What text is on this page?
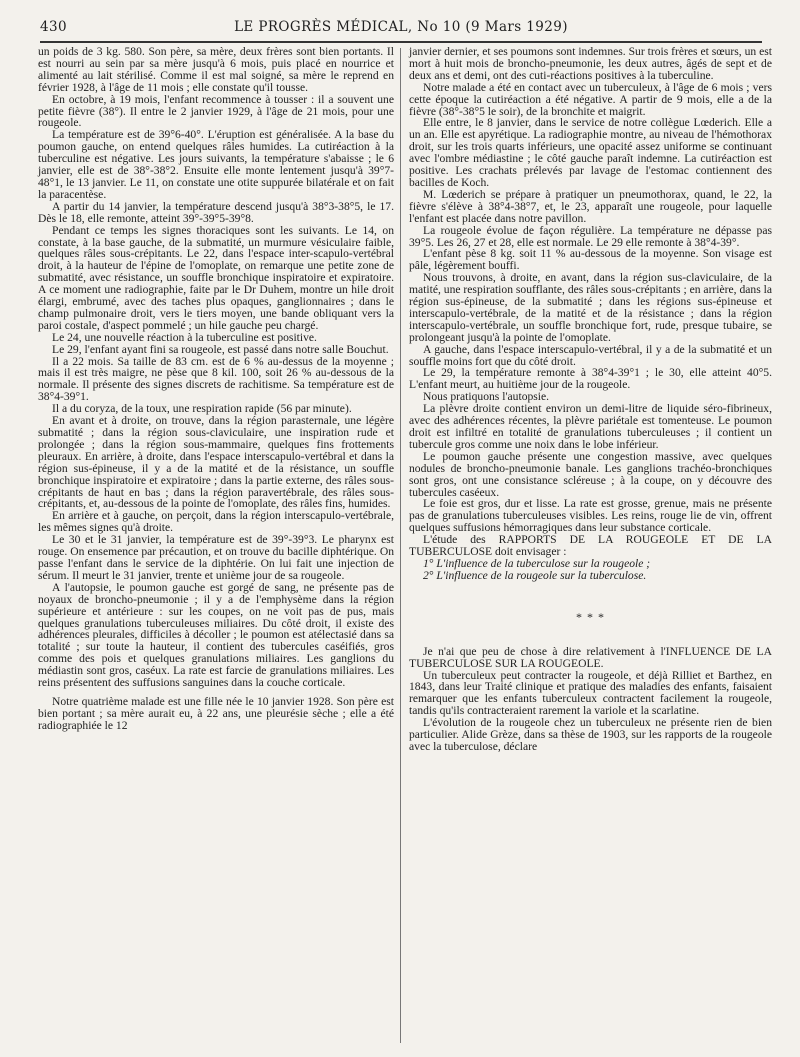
430	LE PROGRÈS MÉDICAL, No 10 (9 Mars 1929)

un poids de 3 kg. 580. Son père, sa mère, deux frères sont bien portants. Il est nourri au sein par sa mère jusqu'à 6 mois, puis placé en nourrice et alimenté au lait stérilisé. Comme il est mal soigné, sa mère le reprend en février 1928, à l'âge de 11 mois ; elle constate qu'il tousse.

En octobre, à 19 mois, l'enfant recommence à tousser : il a souvent une petite fièvre (38°). Il entre le 2 janvier 1929, à l'âge de 21 mois, pour une rougeole.

La température est de 39°6-40°. L'éruption est généralisée. A la base du poumon gauche, on entend quelques râles humides. La cutiréaction à la tuberculine est négative. Les jours suivants, la température s'abaisse ; le 6 janvier, elle est de 38°-38°2. Ensuite elle monte lentement jusqu'à 39°7-48°1, le 13 janvier. Le 11, on constate une otite suppurée bilatérale et on fait la paracentèse.

A partir du 14 janvier, la température descend jusqu'à 38°3-38°5, le 17. Dès le 18, elle remonte, atteint 39°-39°5-39°8.

Pendant ce temps les signes thoraciques sont les suivants. Le 14, on constate, à la base gauche, de la submatité, un murmure vésiculaire faible, quelques râles sous-crépitants. Le 22, dans l'espace inter-scapulo-vertébral droit, à la hauteur de l'épine de l'omoplate, on remarque une petite zone de submatité, avec résistance, un souffle bronchique inspiratoire et expiratoire. A ce moment une radiographie, faite par le Dr Duhem, montre un hile droit élargi, embrumé, avec des taches plus opaques, ganglionnaires ; dans le champ pulmonaire droit, vers le tiers moyen, une bande obliquant vers la paroi costale, d'aspect pommelé ; un hile gauche peu chargé.

Le 24, une nouvelle réaction à la tuberculine est positive.

Le 29, l'enfant ayant fini sa rougeole, est passé dans notre salle Bouchut.

Il a 22 mois. Sa taille de 83 cm. est de 6 % au-dessus de la moyenne ; mais il est très maigre, ne pèse que 8 kil. 100, soit 26 % au-dessous de la normale. Il présente des signes discrets de rachitisme. Sa température est de 38°4-39°1.

Il a du coryza, de la toux, une respiration rapide (56 par minute).

En avant et à droite, on trouve, dans la région parasternale, une légère submatité ; dans la région sous-claviculaire, une inspiration rude et prolongée ; dans la région sous-mammaire, quelques fins frottements pleuraux. En arrière, à droite, dans l'espace interscapulo-vertébral et dans la région sus-épineuse, il y a de la matité et de la résistance, un souffle bronchique inspiratoire et expiratoire ; dans la partie externe, des râles sous-crépitants de haut en bas ; dans la région paravertébrale, des râles sous-crépitants, et, au-dessous de la pointe de l'omoplate, des râles fins, humides.

En arrière et à gauche, on perçoit, dans la région interscapulo-vertébrale, les mêmes signes qu'à droite.

Le 30 et le 31 janvier, la température est de 39°-39°3. Le pharynx est rouge. On ensemence par précaution, et on trouve du bacille diphtérique. On passe l'enfant dans le service de la diphtérie. On lui fait une injection de sérum. Il meurt le 31 janvier, trente et unième jour de sa rougeole.

A l'autopsie, le poumon gauche est gorgé de sang, ne présente pas de noyaux de broncho-pneumonie ; il y a de l'emphysème dans la région supérieure et antérieure : sur les coupes, on ne voit pas de pus, mais quelques granulations tuberculeuses miliaires. Du côté droit, il existe des adhérences pleurales, difficiles à décoller ; le poumon est atélectasié dans sa totalité ; sur toute la hauteur, il contient des tubercules caséifiés, gros comme des pois et quelques granulations miliaires. Les ganglions du médiastin sont gros, caséux. La rate est farcie de granulations miliaires. Les reins présentent des suffusions sanguines dans la couche corticale.

Notre quatrième malade est une fille née le 10 janvier 1928. Son père est bien portant ; sa mère aurait eu, à 22 ans, une pleurésie sèche ; elle a été radiographiée le 12

janvier dernier, et ses poumons sont indemnes. Sur trois frères et sœurs, un est mort à huit mois de broncho-pneumonie, les deux autres, âgés de sept et de deux ans et demi, ont des cuti-réactions positives à la tuberculine.

Notre malade a été en contact avec un tuberculeux, à l'âge de 6 mois ; vers cette époque la cutiréaction a été négative. A partir de 9 mois, elle a de la fièvre (38°-38°5 le soir), de la bronchite et maigrit.

Elle entre, le 8 janvier, dans le service de notre collègue Lœderich. Elle a un an. Elle est apyrétique. La radiographie montre, au niveau de l'hémothorax droit, sur les trois quarts inférieurs, une opacité assez uniforme se continuant avec l'ombre médiastine ; le côté gauche paraît indemne. La cutiréaction est positive. Les crachats prélevés par lavage de l'estomac contiennent des bacilles de Koch.

M. Lœderich se prépare à pratiquer un pneumothorax, quand, le 22, la fièvre s'élève à 38°4-38°7, et, le 23, apparaît une rougeole, pour laquelle l'enfant est placée dans notre pavillon.

La rougeole évolue de façon régulière. La température ne dépasse pas 39°5. Les 26, 27 et 28, elle est normale. Le 29 elle remonte à 38°4-39°.

L'enfant pèse 8 kg. soit 11 % au-dessous de la moyenne. Son visage est pâle, légèrement bouffi.

Nous trouvons, à droite, en avant, dans la région sus-claviculaire, de la matité, une respiration soufflante, des râles sous-crépitants ; en arrière, dans la région sus-épineuse, de la submatité ; dans les régions sus-épineuse et interscapulo-vertébrale, de la matité et de la résistance ; dans la région interscapulo-vertébrale, un souffle bronchique fort, rude, presque tubaire, se prolongeant jusqu'à la pointe de l'omoplate.

A gauche, dans l'espace interscapulo-vertébral, il y a de la submatité et un souffle moins fort que du côté droit.

Le 29, la température remonte à 38°4-39°1 ; le 30, elle atteint 40°5. L'enfant meurt, au huitième jour de la rougeole.

Nous pratiquons l'autopsie.

La plèvre droite contient environ un demi-litre de liquide séro-fibrineux, avec des adhérences récentes, la plèvre pariétale est tomenteuse. Le poumon droit est infiltré en totalité de granulations tuberculeuses ; il contient un tubercule gros comme une noix dans le lobe inférieur.

Le poumon gauche présente une congestion massive, avec quelques nodules de broncho-pneumonie banale. Les ganglions trachéo-bronchiques sont gros, ont une consistance scléreuse ; à la coupe, on y découvre des tubercules caséeux.

Le foie est gros, dur et lisse. La rate est grosse, grenue, mais ne présente pas de granulations tuberculeuses visibles. Les reins, rouge lie de vin, offrent quelques suffusions hémorragiques dans leur substance corticale.

L'étude des RAPPORTS DE LA ROUGEOLE ET DE LA TUBERCULOSE doit envisager :

1° L'influence de la tuberculose sur la rougeole ;

2° L'influence de la rougeole sur la tuberculose.

* * *

Je n'ai que peu de chose à dire relativement à l'INFLUENCE DE LA TUBERCULOSE SUR LA ROUGEOLE.

Un tuberculeux peut contracter la rougeole, et déjà Rilliet et Barthez, en 1843, dans leur Traité clinique et pratique des maladies des enfants, faisaient remarquer que les enfants tuberculeux contractent facilement la rougeole, tandis qu'ils contracteraient rarement la variole et la scarlatine.

L'évolution de la rougeole chez un tuberculeux ne présente rien de bien particulier. Alide Grèze, dans sa thèse de 1903, sur les rapports de la rougeole avec la tuberculose, déclare
